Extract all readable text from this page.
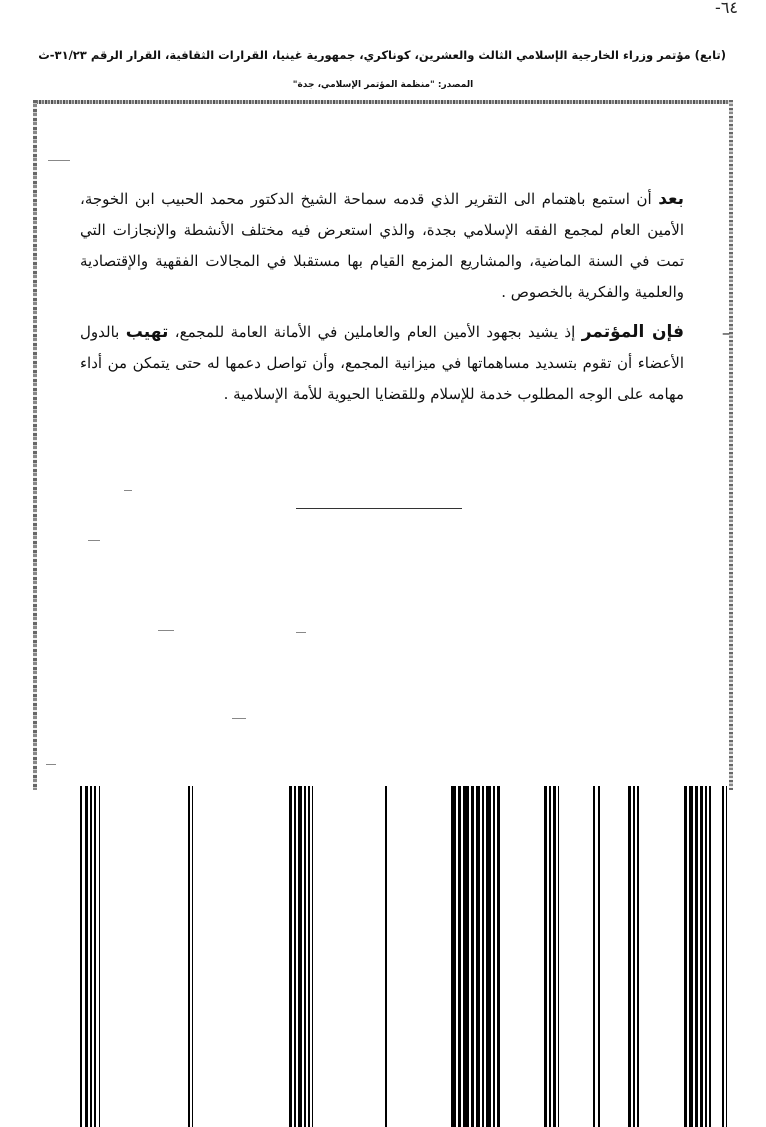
-٦٤
(تابع) مؤتمر وزراء الخارجية الإسلامي الثالث والعشرين، كوناكري، جمهورية غينيا، القرارات الثقافية، القرار الرقم ٣١/٢٣-ث
المصدر: "منظمة المؤتمر الإسلامي، جدة"

بعد أن استمع باهتمام الى التقرير الذي قدمه سماحة الشيخ الدكتور محمد الحبيب ابن الخوجة، الأمين العام لمجمع الفقه الإسلامي بجدة، والذي استعرض فيه مختلف الأنشطة والإنجازات التي تمت في السنة الماضية، والمشاريع المزمع القيام بها مستقبلا في المجالات الفقهية والإقتصادية والعلمية والفكرية بالخصوص .

–
فإن المؤتمر إذ يشيد بجهود الأمين العام والعاملين في الأمانة العامة للمجمع، تهيب بالدول الأعضاء أن تقوم بتسديد مساهماتها في ميزانية المجمع، وأن تواصل دعمها له حتى يتمكن من أداء مهامه على الوجه المطلوب خدمة للإسلام وللقضايا الحيوية للأمة الإسلامية .
